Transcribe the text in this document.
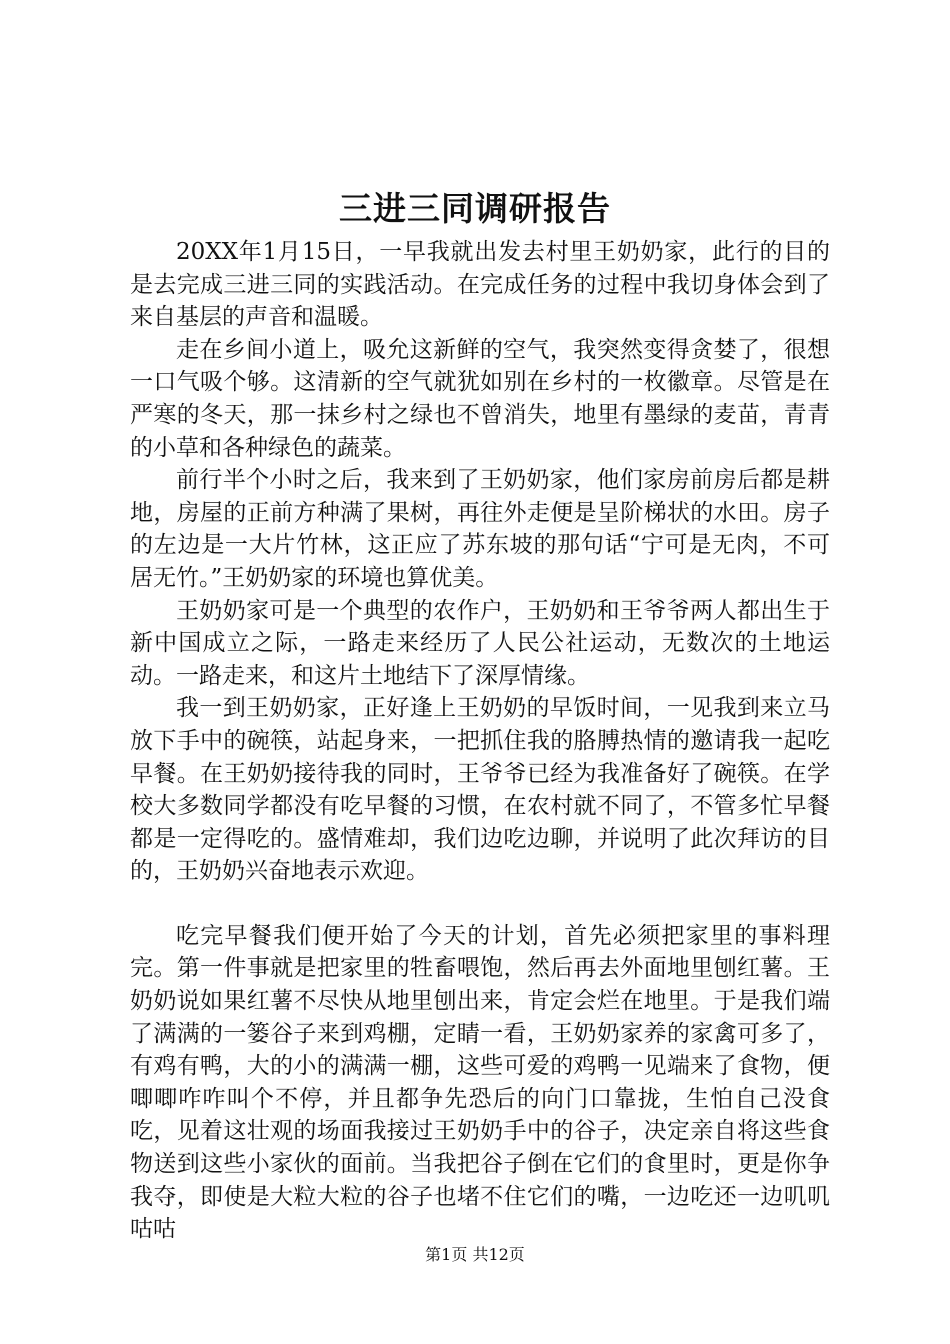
三进三同调研报告

20XX年1月15日，一早我就出发去村里王奶奶家，此行的目的是去完成三进三同的实践活动。在完成任务的过程中我切身体会到了来自基层的声音和温暖。

走在乡间小道上，吸允这新鲜的空气，我突然变得贪婪了，很想一口气吸个够。这清新的空气就犹如别在乡村的一枚徽章。尽管是在严寒的冬天，那一抹乡村之绿也不曾消失，地里有墨绿的麦苗，青青的小草和各种绿色的蔬菜。

前行半个小时之后，我来到了王奶奶家，他们家房前房后都是耕地，房屋的正前方种满了果树，再往外走便是呈阶梯状的水田。房子的左边是一大片竹林，这正应了苏东坡的那句话“宁可是无肉，不可居无竹。”王奶奶家的环境也算优美。

王奶奶家可是一个典型的农作户，王奶奶和王爷爷两人都出生于新中国成立之际，一路走来经历了人民公社运动，无数次的土地运动。一路走来，和这片土地结下了深厚情缘。

我一到王奶奶家，正好逢上王奶奶的早饭时间，一见我到来立马放下手中的碗筷，站起身来，一把抓住我的胳膊热情的邀请我一起吃早餐。在王奶奶接待我的同时，王爷爷已经为我准备好了碗筷。在学校大多数同学都没有吃早餐的习惯，在农村就不同了，不管多忙早餐都是一定得吃的。盛情难却，我们边吃边聊，并说明了此次拜访的目的，王奶奶兴奋地表示欢迎。

吃完早餐我们便开始了今天的计划，首先必须把家里的事料理完。第一件事就是把家里的牲畜喂饱，然后再去外面地里刨红薯。王奶奶说如果红薯不尽快从地里刨出来，肯定会烂在地里。于是我们端了满满的一篓谷子来到鸡棚，定睛一看，王奶奶家养的家禽可多了，有鸡有鸭，大的小的满满一棚，这些可爱的鸡鸭一见端来了食物，便唧唧咋咋叫个不停，并且都争先恐后的向门口靠拢，生怕自己没食吃，见着这壮观的场面我接过王奶奶手中的谷子，决定亲自将这些食物送到这些小家伙的面前。当我把谷子倒在它们的食里时，更是你争我夺，即使是大粒大粒的谷子也堵不住它们的嘴，一边吃还一边叽叽咕咕

第1页 共12页
